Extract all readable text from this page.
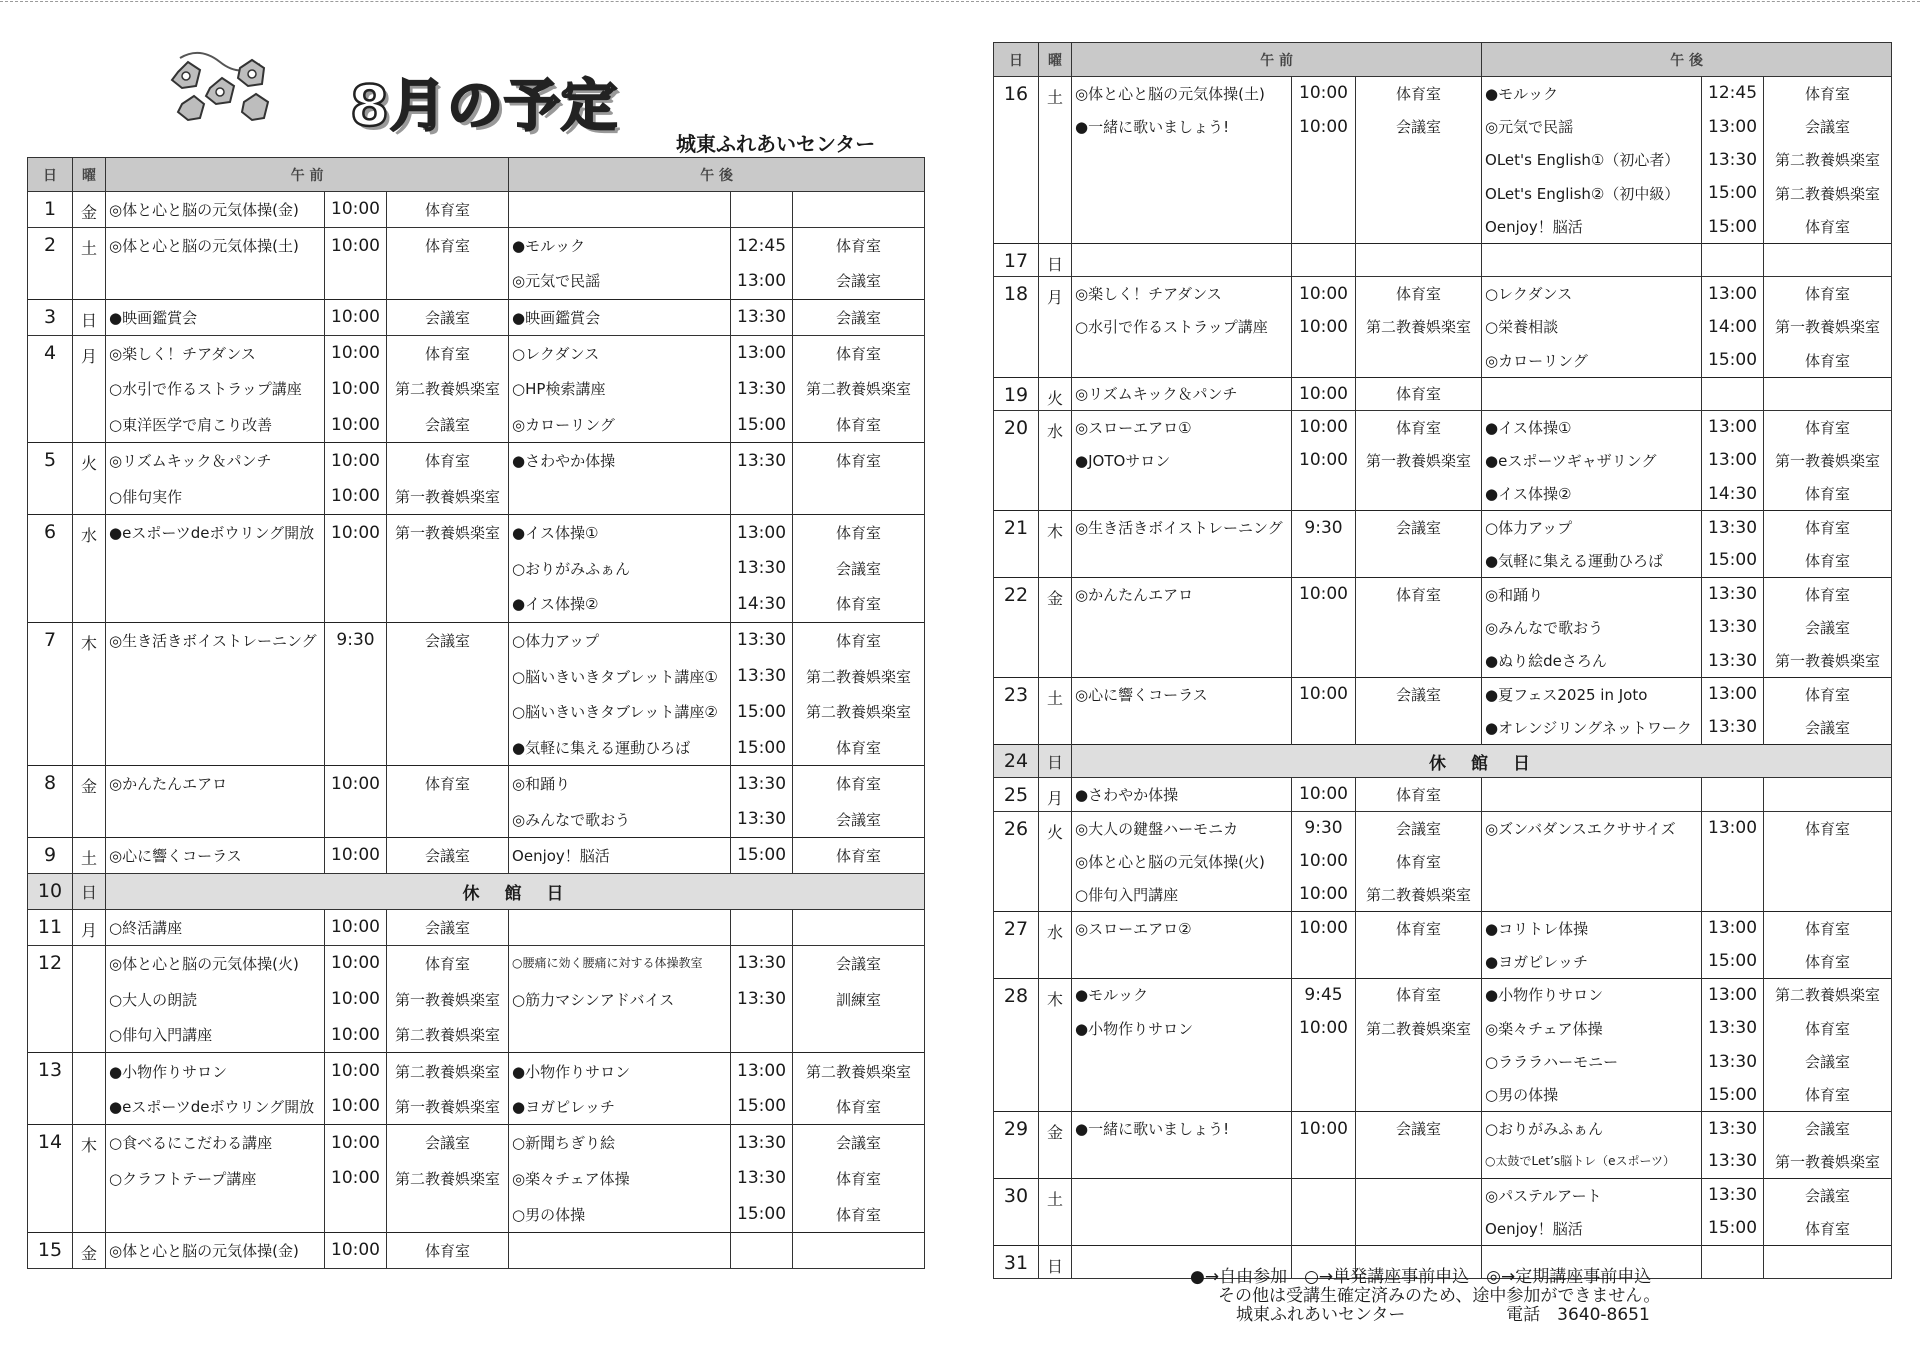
8月の予定
城東ふれあいセンター
日	曜	午 前			午 後		
1	金	◎体と心と脳の元気体操(金)	10:00	体育室			
2	土	◎体と心と脳の元気体操(土)	10:00	体育室	●モルック	12:45	体育室
					◎元気で民謡	13:00	会議室
3	日	●映画鑑賞会	10:00	会議室	●映画鑑賞会	13:30	会議室
4	月	◎楽しく！チアダンス	10:00	体育室	○レクダンス	13:00	体育室
		○水引で作るストラップ講座	10:00	第二教養娯楽室	○HP検索講座	13:30	第二教養娯楽室
		○東洋医学で肩こり改善	10:00	会議室	◎カローリング	15:00	体育室
5	火	◎リズムキック＆パンチ	10:00	体育室	●さわやか体操	13:30	体育室
		○俳句実作	10:00	第一教養娯楽室			
6	水	●eスポーツdeボウリング開放	10:00	第一教養娯楽室	●イス体操①	13:00	体育室
					○おりがみふぁん	13:30	会議室
					●イス体操②	14:30	体育室
7	木	◎生き活きボイストレーニング	9:30	会議室	○体力アップ	13:30	体育室
					○脳いきいきタブレット講座①	13:30	第二教養娯楽室
					○脳いきいきタブレット講座②	15:00	第二教養娯楽室
					●気軽に集える運動ひろば	15:00	体育室
8	金	◎かんたんエアロ	10:00	体育室	◎和踊り	13:30	体育室
					◎みんなで歌おう	13:30	会議室
9	土	◎心に響くコーラス	10:00	会議室	Oenjoy！脳活	15:00	体育室
10	日	休　館　日					
11	月	○終活講座	10:00	会議室			
12		◎体と心と脳の元気体操(火)	10:00	体育室	○腰痛に効く腰痛に対する体操教室	13:30	会議室
		○大人の朗読	10:00	第一教養娯楽室	○筋力マシンアドバイス	13:30	訓練室
		○俳句入門講座	10:00	第二教養娯楽室			
13		●小物作りサロン	10:00	第二教養娯楽室	●小物作りサロン	13:00	第二教養娯楽室
		●eスポーツdeボウリング開放	10:00	第一教養娯楽室	●ヨガピレッチ	15:00	体育室
14	木	○食べるにこだわる講座	10:00	会議室	○新聞ちぎり絵	13:30	会議室
		○クラフトテープ講座	10:00	第二教養娯楽室	◎楽々チェア体操	13:30	体育室
					○男の体操	15:00	体育室
15	金	◎体と心と脳の元気体操(金)	10:00	体育室			
日	曜	午 前			午 後		
16	土	◎体と心と脳の元気体操(土)	10:00	体育室	●モルック	12:45	体育室
		●一緒に歌いましょう!	10:00	会議室	◎元気で民謡	13:00	会議室
					OLet's English①（初心者）	13:30	第二教養娯楽室
					OLet's English②（初中級）	15:00	第二教養娯楽室
					Oenjoy！脳活	15:00	体育室
17	日						
18	月	◎楽しく！チアダンス	10:00	体育室	○レクダンス	13:00	体育室
		○水引で作るストラップ講座	10:00	第二教養娯楽室	○栄養相談	14:00	第一教養娯楽室
					◎カローリング	15:00	体育室
19	火	◎リズムキック＆パンチ	10:00	体育室			
20	水	◎スローエアロ①	10:00	体育室	●イス体操①	13:00	体育室
		●JOTOサロン	10:00	第一教養娯楽室	●eスポーツギャザリング	13:00	第一教養娯楽室
					●イス体操②	14:30	体育室
21	木	◎生き活きボイストレーニング	9:30	会議室	○体力アップ	13:30	体育室
					●気軽に集える運動ひろば	15:00	体育室
22	金	◎かんたんエアロ	10:00	体育室	◎和踊り	13:30	体育室
					◎みんなで歌おう	13:30	会議室
					●ぬり絵deさろん	13:30	第一教養娯楽室
23	土	◎心に響くコーラス	10:00	会議室	●夏フェス2025 in Joto	13:00	体育室
					●オレンジリングネットワーク	13:30	会議室
24	日	休　館　日					
25	月	●さわやか体操	10:00	体育室			
26	火	◎大人の鍵盤ハーモニカ	9:30	会議室	◎ズンバダンスエクササイズ	13:00	体育室
		◎体と心と脳の元気体操(火)	10:00	体育室			
		○俳句入門講座	10:00	第二教養娯楽室			
27	水	◎スローエアロ②	10:00	体育室	●コリトレ体操	13:00	体育室
					●ヨガピレッチ	15:00	体育室
28	木	●モルック	9:45	体育室	●小物作りサロン	13:00	第二教養娯楽室
		●小物作りサロン	10:00	第二教養娯楽室	◎楽々チェア体操	13:30	体育室
					○ラララハーモニー	13:30	会議室
					○男の体操	15:00	体育室
29	金	●一緒に歌いましょう!	10:00	会議室	○おりがみふぁん	13:30	会議室
					○太鼓でLet’s脳トレ（eスポーツ）	13:30	第一教養娯楽室
30	土				◎パステルアート	13:30	会議室
					Oenjoy！脳活	15:00	体育室
31	日						
●→自由参加　○→単発講座事前申込　◎→定期講座事前申込
その他は受講生確定済みのため、途中参加ができません。
城東ふれあいセンター	電話　3640-8651
